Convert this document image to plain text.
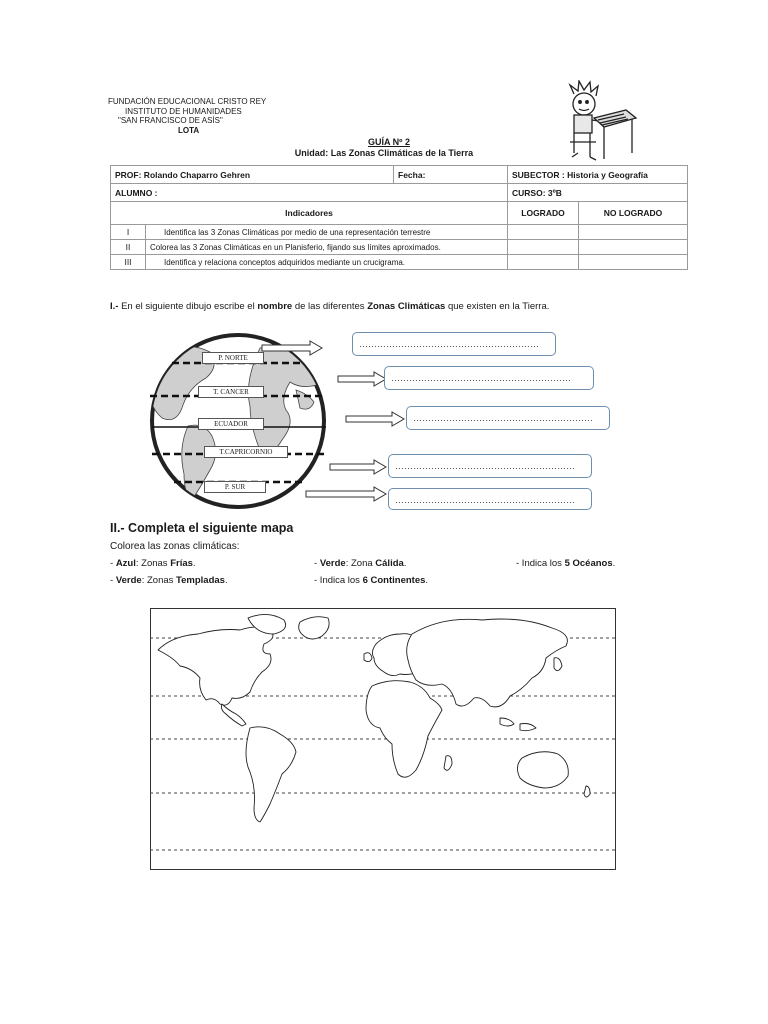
FUNDACIÓN EDUCACIONAL CRISTO REY
INSTITUTO DE HUMANIDADES
"SAN FRANCISCO DE ASÍS"
LOTA
GUÍA Nº 2
Unidad: Las Zonas Climáticas de la Tierra
PROF: Rolando Chaparro Gehren		Fecha:	SUBECTOR : Historia y Geografía	
ALUMNO :			CURSO: 3ºB	
Indicadores			LOGRADO	NO LOGRADO
I	Identifica las 3 Zonas Climáticas por medio de una representación terrestre			
II	Colorea las 3 Zonas Climáticas en un Planisferio, fijando sus límites aproximados.			
III	Identifica y relaciona conceptos adquiridos mediante un crucigrama.			
I.- En el siguiente dibujo escribe el nombre de las diferentes Zonas Climáticas que existen en la Tierra.
P. NORTE
T. CANCER
ECUADOR
T.CAPRICORNIO
P. SUR
……………………………………………………
……………………………………………………
……………………………………………………
……………………………………………………
……………………………………………………
II.- Completa el siguiente mapa
Colorea las zonas climáticas:
- Azul: Zonas Frías.	- Verde: Zona Cálida.	- Indica los 5 Océanos.
- Verde: Zonas Templadas.	- Indica los 6 Continentes.
